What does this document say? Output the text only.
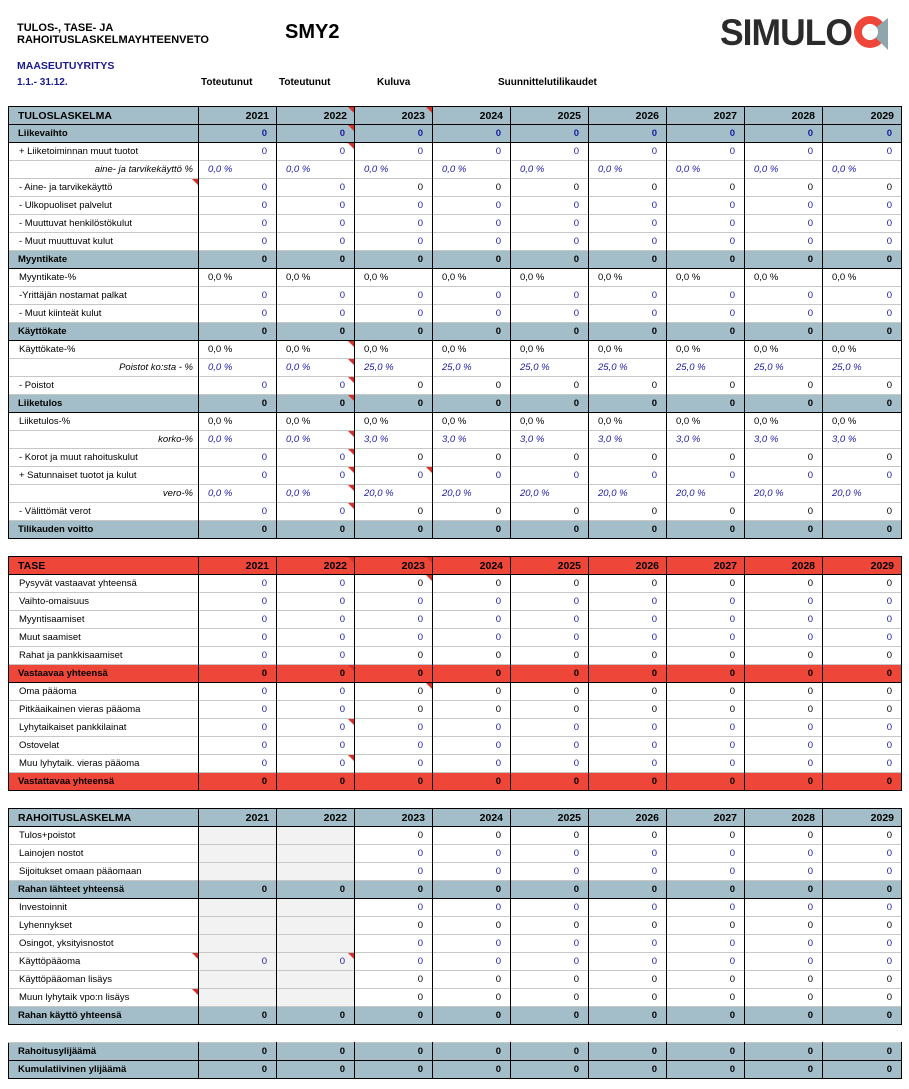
TULOS-, TASE- JA
RAHOITUSLASKELMAYHTEENVETO	SMY2	SIMULO
MAASEUTUYRITYS
1.1.- 31.12.	Toteutunut	Toteutunut	Kuluva	Suunnittelutilikaudet
TULOSLASKELMA	2021	2022	2023	2024	2025	2026	2027	2028	2029
Liikevaihto	0	0	0	0	0	0	0	0	0
+ Liiketoiminnan muut tuotot	0	0	0	0	0	0	0	0	0
aine- ja tarvikekäyttö %	0,0 %	0,0 %	0,0 %	0,0 %	0,0 %	0,0 %	0,0 %	0,0 %	0,0 %
- Aine- ja tarvikekäyttö	0	0	0	0	0	0	0	0	0
- Ulkopuoliset palvelut	0	0	0	0	0	0	0	0	0
- Muuttuvat henkilöstökulut	0	0	0	0	0	0	0	0	0
- Muut muuttuvat kulut	0	0	0	0	0	0	0	0	0
Myyntikate	0	0	0	0	0	0	0	0	0
Myyntikate-%	0,0 %	0,0 %	0,0 %	0,0 %	0,0 %	0,0 %	0,0 %	0,0 %	0,0 %
-Yrittäjän nostamat palkat	0	0	0	0	0	0	0	0	0
- Muut kiinteät kulut	0	0	0	0	0	0	0	0	0
Käyttökate	0	0	0	0	0	0	0	0	0
Käyttökate-%	0,0 %	0,0 %	0,0 %	0,0 %	0,0 %	0,0 %	0,0 %	0,0 %	0,0 %
Poistot ko:sta - %	0,0 %	0,0 %	25,0 %	25,0 %	25,0 %	25,0 %	25,0 %	25,0 %	25,0 %
- Poistot	0	0	0	0	0	0	0	0	0
Liiketulos	0	0	0	0	0	0	0	0	0
Liiketulos-%	0,0 %	0,0 %	0,0 %	0,0 %	0,0 %	0,0 %	0,0 %	0,0 %	0,0 %
korko-%	0,0 %	0,0 %	3,0 %	3,0 %	3,0 %	3,0 %	3,0 %	3,0 %	3,0 %
- Korot ja muut rahoituskulut	0	0	0	0	0	0	0	0	0
+ Satunnaiset tuotot ja kulut	0	0	0	0	0	0	0	0	0
vero-%	0,0 %	0,0 %	20,0 %	20,0 %	20,0 %	20,0 %	20,0 %	20,0 %	20,0 %
- Välittömät verot	0	0	0	0	0	0	0	0	0
Tilikauden voitto	0	0	0	0	0	0	0	0	0
TASE	2021	2022	2023	2024	2025	2026	2027	2028	2029
Pysyvät vastaavat yhteensä	0	0	0	0	0	0	0	0	0
Vaihto-omaisuus	0	0	0	0	0	0	0	0	0
Myyntisaamiset	0	0	0	0	0	0	0	0	0
Muut saamiset	0	0	0	0	0	0	0	0	0
Rahat ja pankkisaamiset	0	0	0	0	0	0	0	0	0
Vastaavaa yhteensä	0	0	0	0	0	0	0	0	0
Oma pääoma	0	0	0	0	0	0	0	0	0
Pitkäaikainen vieras pääoma	0	0	0	0	0	0	0	0	0
Lyhytaikaiset pankkilainat	0	0	0	0	0	0	0	0	0
Ostovelat	0	0	0	0	0	0	0	0	0
Muu lyhytaik. vieras pääoma	0	0	0	0	0	0	0	0	0
Vastattavaa yhteensä	0	0	0	0	0	0	0	0	0
RAHOITUSLASKELMA	2021	2022	2023	2024	2025	2026	2027	2028	2029
Tulos+poistot			0	0	0	0	0	0	0
Lainojen nostot			0	0	0	0	0	0	0
Sijoitukset omaan pääomaan			0	0	0	0	0	0	0
Rahan lähteet yhteensä	0	0	0	0	0	0	0	0	0
Investoinnit			0	0	0	0	0	0	0
Lyhennykset			0	0	0	0	0	0	0
Osingot, yksityisnostot			0	0	0	0	0	0	0
Käyttöpääoma	0	0	0	0	0	0	0	0	0
Käyttöpääoman lisäys			0	0	0	0	0	0	0
Muun lyhytaik vpo:n lisäys			0	0	0	0	0	0	0
Rahan käyttö yhteensä	0	0	0	0	0	0	0	0	0
Rahoitusylijäämä	0	0	0	0	0	0	0	0	0
Kumulatiivinen ylijäämä	0	0	0	0	0	0	0	0	0
